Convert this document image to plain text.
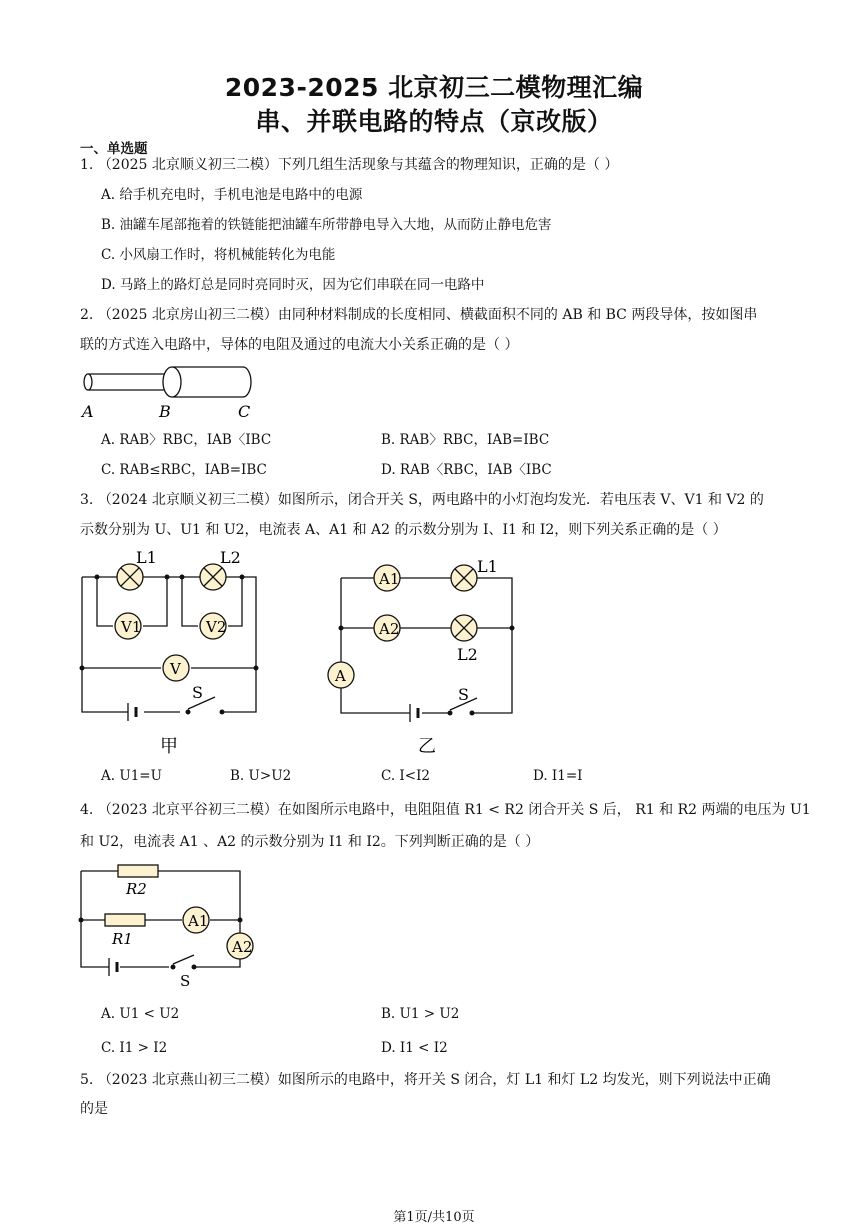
2023-2025 北京初三二模物理汇编
串、并联电路的特点（京改版）
一、单选题
1. （2025 北京顺义初三二模）下列几组生活现象与其蕴含的物理知识，正确的是（ ）
A. 给手机充电时，手机电池是电路中的电源
B. 油罐车尾部拖着的铁链能把油罐车所带静电导入大地，从而防止静电危害
C. 小风扇工作时，将机械能转化为电能
D. 马路上的路灯总是同时亮同时灭，因为它们串联在同一电路中
2. （2025 北京房山初三二模）由同种材料制成的长度相同、横截面积不同的 AB 和 BC 两段导体，按如图串
联的方式连入电路中，导体的电阻及通过的电流大小关系正确的是（ ）
A	B	C
A. RAB〉RBC，IAB〈IBC	B. RAB〉RBC，IAB=IBC
C. RAB≤RBC，IAB=IBC	D. RAB〈RBC，IAB〈IBC
3. （2024 北京顺义初三二模）如图所示，闭合开关 S，两电路中的小灯泡均发光．若电压表 V、V1 和 V2 的
示数分别为 U、U1 和 U2，电流表 A、A1 和 A2 的示数分别为 I、I1 和 I2，则下列关系正确的是（ ）
L1	L2
V1	V2
V
S
甲
A1
A2
A
L1
L2
S
乙
A. U1=U	B. U>U2	C. I<I2	D. I1=I
4. （2023 北京平谷初三二模）在如图所示电路中，电阻阻值 R1 < R2 闭合开关 S 后， R1 和 R2 两端的电压为 U1
和 U2，电流表 A1 、A2 的示数分别为 I1 和 I2。下列判断正确的是（ ）
A1
A2
R2
R1
S
A. U1 < U2	B. U1 > U2
C. I1 > I2	D. I1 < I2
5. （2023 北京燕山初三二模）如图所示的电路中，将开关 S 闭合，灯 L1 和灯 L2 均发光，则下列说法中正确
的是
第1页/共10页
